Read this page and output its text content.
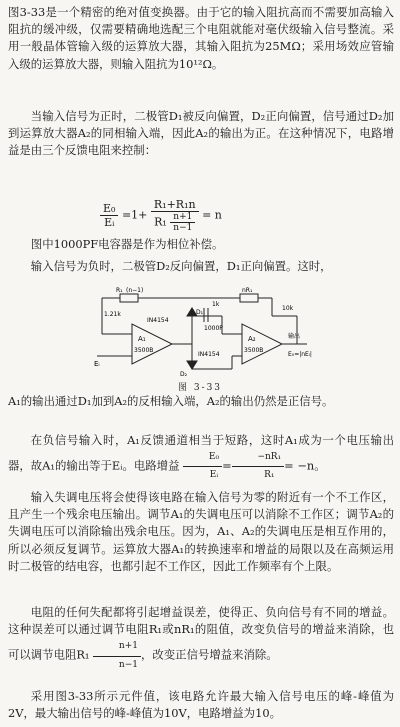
图3-33是一个精密的绝对值变换器。由于它的输入阻抗高而不需要加高输入阻抗的缓冲级，仅需要精确地选配三个电阻就能对毫伏级输入信号整流。采用一般晶体管输入级的运算放大器，其输入阻抗为25MΩ；采用场效应管输入级的运算放大器，则输入阻抗为10¹²Ω。

当输入信号为正时，二极管D₁被反向偏置，D₂正向偏置，信号通过D₂加到运算放大器A₂的同相输入端，因此A₂的输出为正。在这种情况下，电路增益是由三个反馈电阻来控制：

$\frac{\text{E₀}}{\text{Eᵢ}} =1+ \frac{\text{R₁+R₁n}}{R_1 \frac{n+1}{n-1}} = n$

图中1000PF电容器是作为相位补偿。

输入信号为负时，二极管D₂反向偏置，D₁正向偏置。这时，

R₁ (n−1)
1.21k
1k
nR₁
10k
IN4154
IN4154
D₁
D₂
1000P
A₁
3500B
A₂
3500B
Eᵢ
E₀=|nEᵢ|
输出
图 3-33

A₁的输出通过D₁加到A₂的反相输入端，A₂的输出仍然是正信号。

在负信号输入时，A₁反馈通道相当于短路，这时A₁成为一个电压输出器，故A₁的输出等于Eᵢ。电路增益 $\frac{\text{E₀}}{\text{Eᵢ}} = \frac{\text{−nR₁}}{\text{R₁}} = -n$。

输入失调电压将会使得该电路在输入信号为零的附近有一个不工作区，且产生一个残余电压输出。调节A₁的失调电压可以消除不工作区；调节A₂的失调电压可以消除输出残余电压。因为，A₁、A₂的失调电压是相互作用的，所以必须反复调节。运算放大器A₁的转换速率和增益的局限以及在高频运用时二极管的结电容，也都引起不工作区，因此工作频率有个上限。

电阻的任何失配都将引起增益误差，使得正、负向信号有不同的增益。这种误差可以通过调节电阻R₁或nR₁的阻值，改变负信号的增益来消除，也可以调节电阻$R_1 \frac{n+1}{n-1}$ ，改变正信号增益来消除。

采用图3-33所示元件值，该电路允许最大输入信号电压的峰-峰值为2V，最大输出信号的峰-峰值为10V，电路增益为10。
